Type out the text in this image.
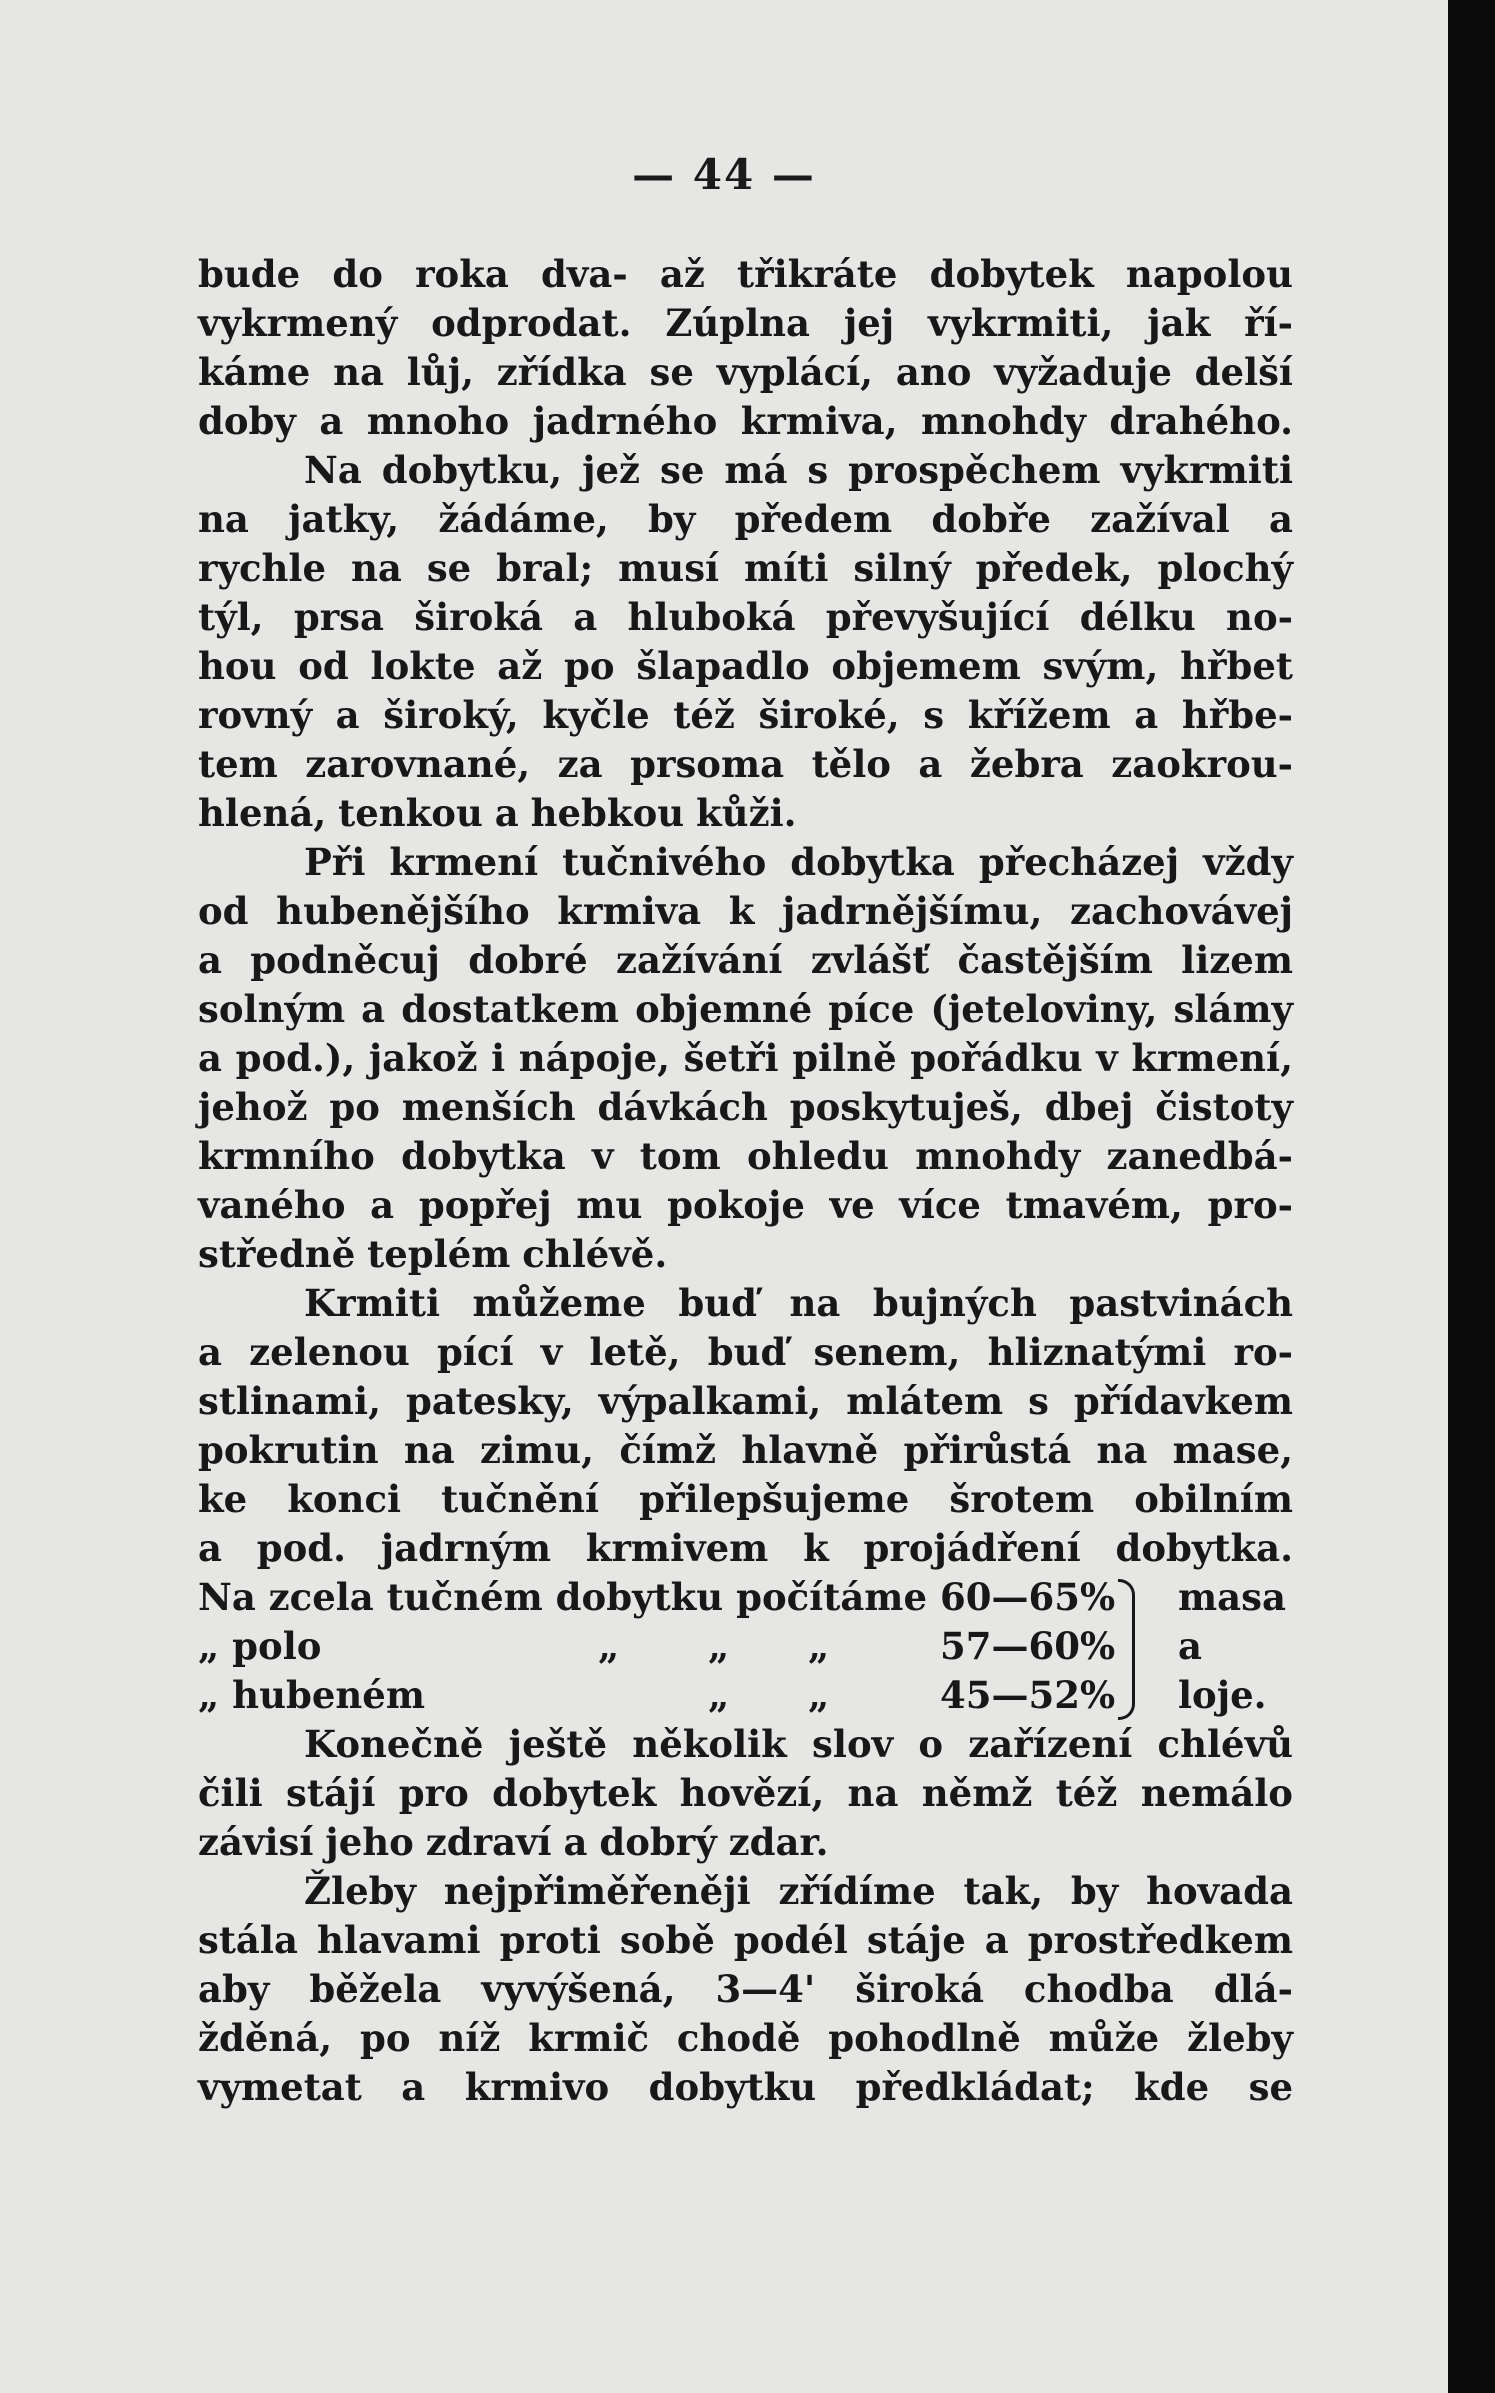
— 44 —
bude do roka dva- až třikráte dobytek napolou
vykrmený odprodat. Zúplna jej vykrmiti, jak ří-
káme na lůj, zřídka se vyplácí, ano vyžaduje delší
doby a mnoho jadrného krmiva, mnohdy drahého.
Na dobytku, jež se má s prospěchem vykrmiti
na jatky, žádáme, by předem dobře zažíval a
rychle na se bral; musí míti silný předek, plochý
týl, prsa široká a hluboká převyšující délku no-
hou od lokte až po šlapadlo objemem svým, hřbet
rovný a široký, kyčle též široké, s křížem a hřbe-
tem zarovnané, za prsoma tělo a žebra zaokrou-
hlená, tenkou a hebkou kůži.
Při krmení tučnivého dobytka přecházej vždy
od hubenějšího krmiva k jadrnějšímu, zachovávej
a podněcuj dobré zažívání zvlášť častějším lizem
solným a dostatkem objemné píce (jeteloviny, slámy
a pod.), jakož i nápoje, šetři pilně pořádku v krmení,
jehož po menších dávkách poskytuješ, dbej čistoty
krmního dobytka v tom ohledu mnohdy zanedbá-
vaného a popřej mu pokoje ve více tmavém, pro-
středně teplém chlévě.
Krmiti můžeme buď na bujných pastvinách
a zelenou pící v letě, buď senem, hliznatými ro-
stlinami, patesky, výpalkami, mlátem s přídavkem
pokrutin na zimu, čímž hlavně přirůstá na mase,
ke konci tučnění přilepšujeme šrotem obilním
a pod. jadrným krmivem k projádření dobytka.
Na zcela tučném dobytku počítáme 60—65% masa
„ polo	„ „ „	57—60% a
„ hubeném	„ „	45—52% loje.
Konečně ještě několik slov o zařízení chlévů
čili stájí pro dobytek hovězí, na němž též nemálo
závisí jeho zdraví a dobrý zdar.
Žleby nejpřiměřeněji zřídíme tak, by hovada
stála hlavami proti sobě podél stáje a prostředkem
aby běžela vyvýšená, 3—4' široká chodba dlá-
žděná, po níž krmič chodě pohodlně může žleby
vymetat a krmivo dobytku předkládat; kde se
